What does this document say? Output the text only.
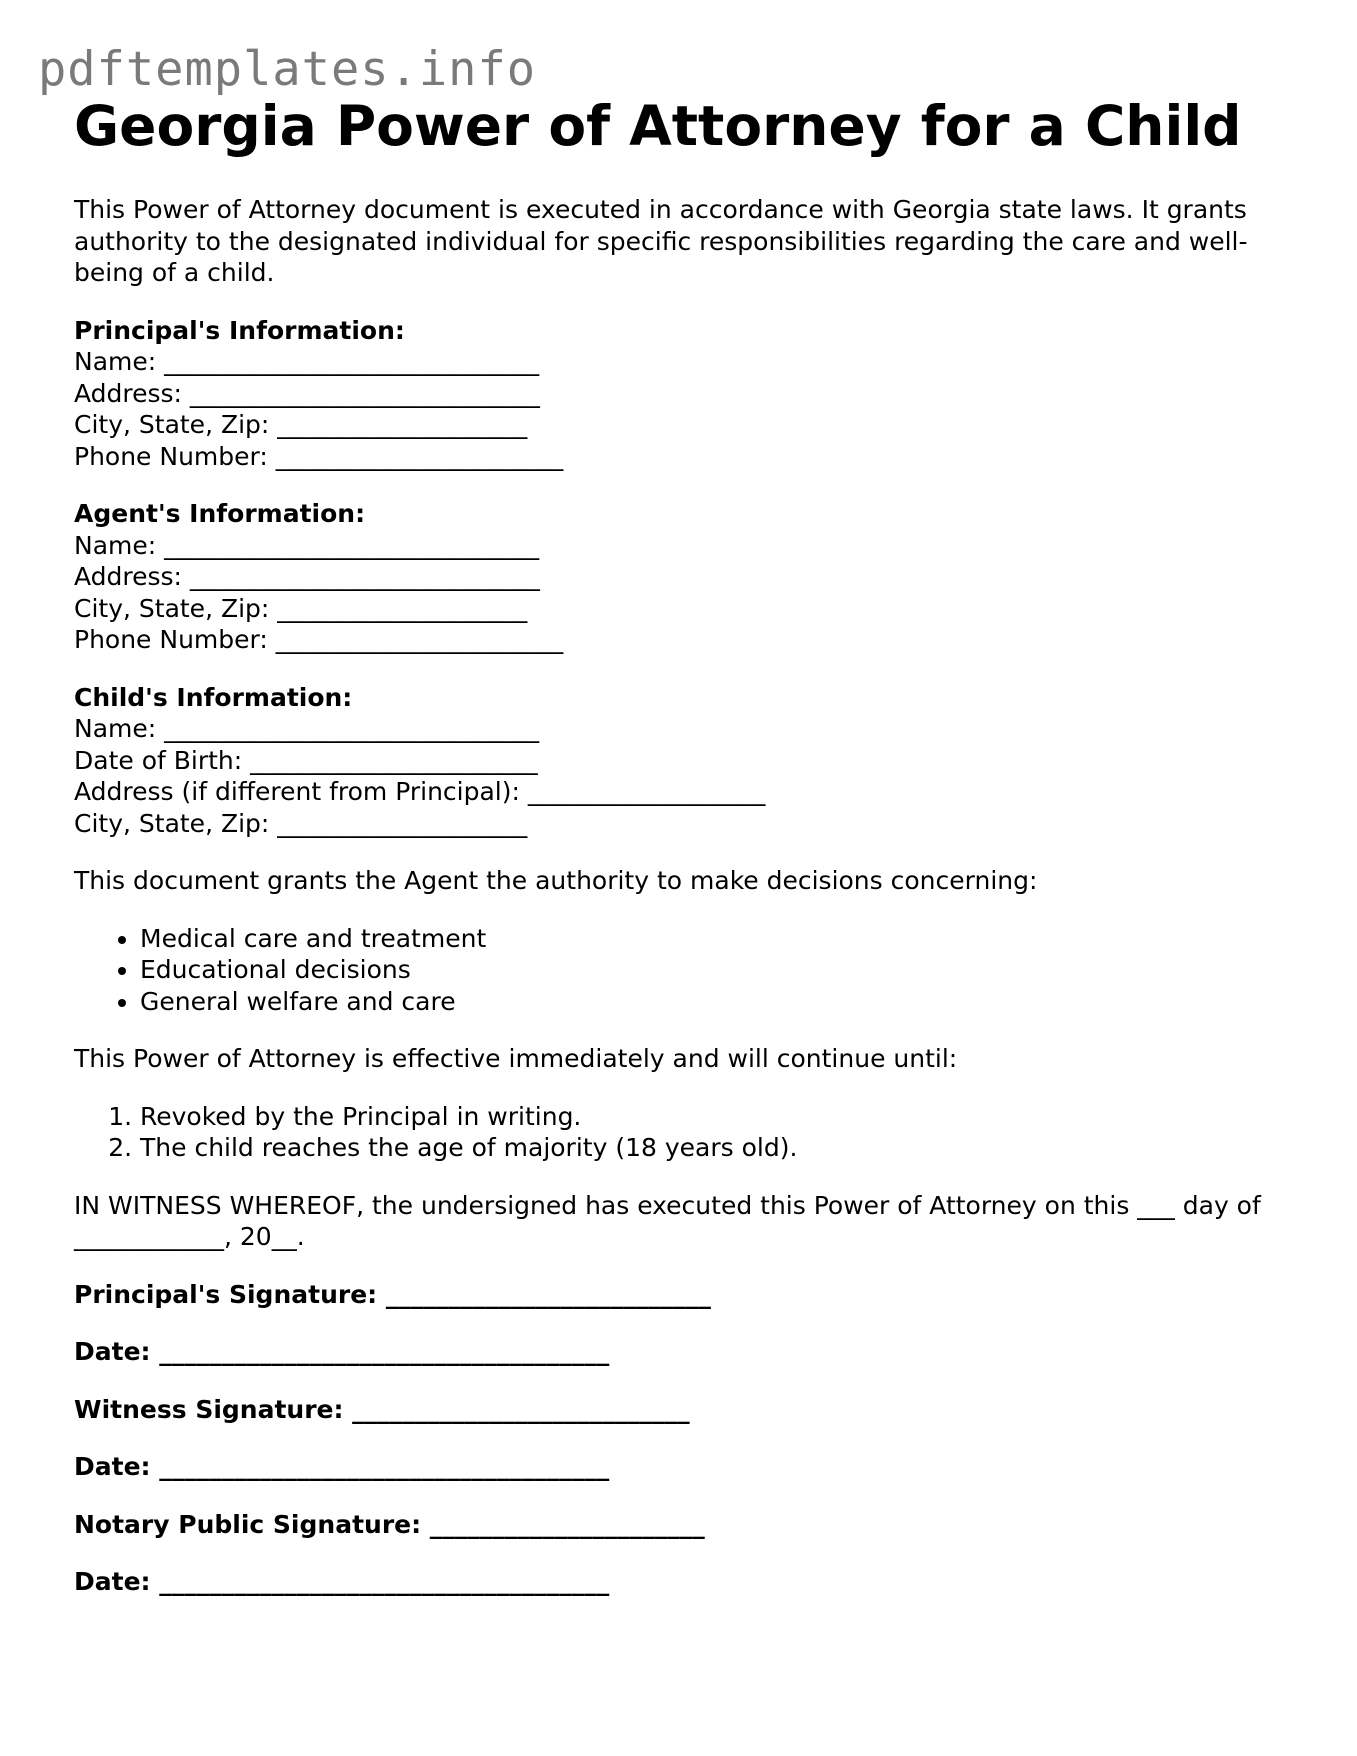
pdftemplates.info
Georgia Power of Attorney for a Child

This Power of Attorney document is executed in accordance with Georgia state laws. It grants authority to the designated individual for specific responsibilities regarding the care and well-being of a child.

Principal's Information:
Name: ______________________________
Address: ____________________________
City, State, Zip: ____________________
Phone Number: _______________________
Agent's Information:
Name: ______________________________
Address: ____________________________
City, State, Zip: ____________________
Phone Number: _______________________
Child's Information:
Name: ______________________________
Date of Birth: _______________________
Address (if different from Principal): ___________________
City, State, Zip: ____________________
This document grants the Agent the authority to make decisions concerning:
• Medical care and treatment
• Educational decisions
• General welfare and care
This Power of Attorney is effective immediately and will continue until:
1. Revoked by the Principal in writing.
2. The child reaches the age of majority (18 years old).
IN WITNESS WHEREOF, the undersigned has executed this Power of Attorney on this ___ day of ____________, 20__.
Principal's Signature: __________________________
Date: ____________________________________
Witness Signature: ___________________________
Date: ____________________________________
Notary Public Signature: ______________________
Date: ____________________________________
